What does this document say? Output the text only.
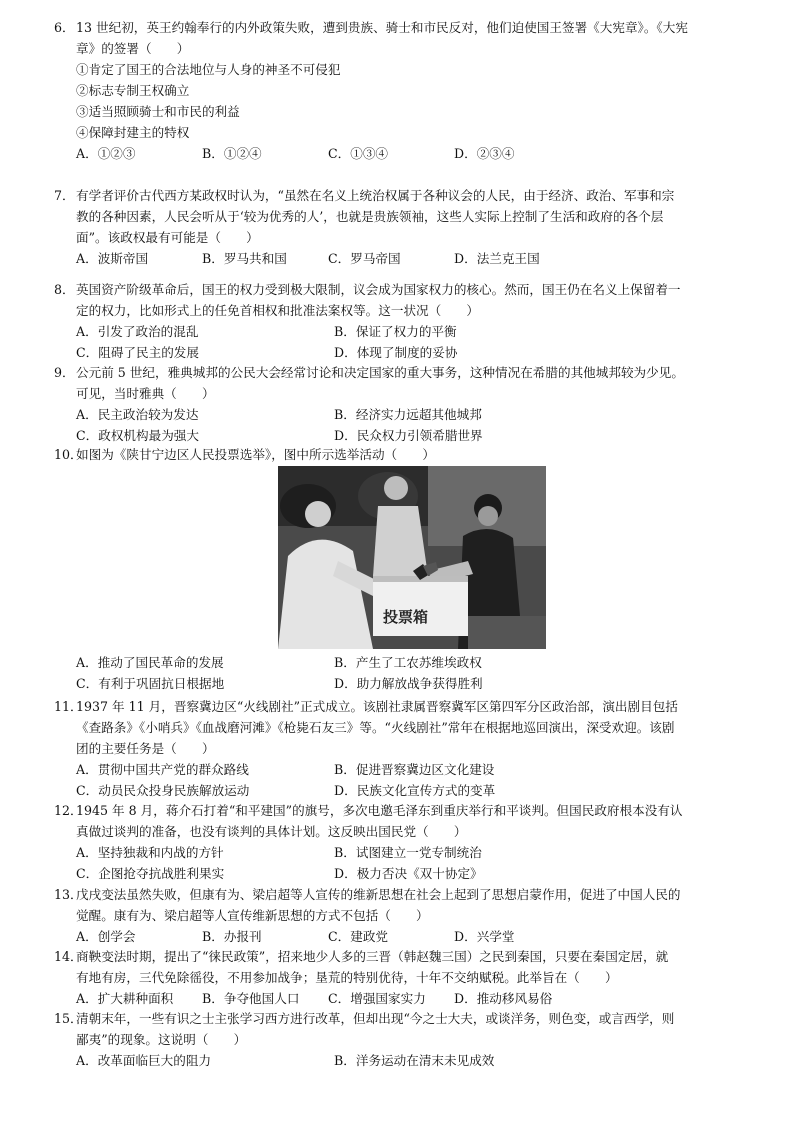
6．13 世纪初，英王约翰奉行的内外政策失败，遭到贵族、骑士和市民反对，他们迫使国王签署《大宪章》。《大宪
章》的签署（　　）
①肯定了国王的合法地位与人身的神圣不可侵犯
②标志专制王权确立
③适当照顾骑士和市民的利益
④保障封建主的特权
A．①②③	B．①②④	C．①③④	D．②③④
7．有学者评价古代西方某政权时认为，“虽然在名义上统治权属于各种议会的人民，由于经济、政治、军事和宗
教的各种因素，人民会听从于‘较为优秀的人’，也就是贵族领袖，这些人实际上控制了生活和政府的各个层
面”。该政权最有可能是（　　）
A．波斯帝国	B．罗马共和国	C．罗马帝国	D．法兰克王国
8．英国资产阶级革命后，国王的权力受到极大限制，议会成为国家权力的核心。然而，国王仍在名义上保留着一
定的权力，比如形式上的任免首相权和批准法案权等。这一状况（　　）
A．引发了政治的混乱	B．保证了权力的平衡
C．阻碍了民主的发展	D．体现了制度的妥协
9．公元前 5 世纪，雅典城邦的公民大会经常讨论和决定国家的重大事务，这种情况在希腊的其他城邦较为少见。
可见，当时雅典（　　）
A．民主政治较为发达	B．经济实力远超其他城邦
C．政权机构最为强大	D．民众权力引领希腊世界
10．如图为《陕甘宁边区人民投票选举》，图中所示选举活动（　　）
投票箱
A．推动了国民革命的发展	B．产生了工农苏维埃政权
C．有利于巩固抗日根据地	D．助力解放战争获得胜利
11．1937 年 11 月，晋察冀边区“火线剧社”正式成立。该剧社隶属晋察冀军区第四军分区政治部，演出剧目包括
《查路条》《小哨兵》《血战磨河滩》《枪毙石友三》等。“火线剧社”常年在根据地巡回演出，深受欢迎。该剧
团的主要任务是（　　）
A．贯彻中国共产党的群众路线	B．促进晋察冀边区文化建设
C．动员民众投身民族解放运动	D．民族文化宣传方式的变革
12．1945 年 8 月，蒋介石打着“和平建国”的旗号，多次电邀毛泽东到重庆举行和平谈判。但国民政府根本没有认
真做过谈判的准备，也没有谈判的具体计划。这反映出国民党（　　）
A．坚持独裁和内战的方针	B．试图建立一党专制统治
C．企图抢夺抗战胜利果实	D．极力否决《双十协定》
13．戊戌变法虽然失败，但康有为、梁启超等人宣传的维新思想在社会上起到了思想启蒙作用，促进了中国人民的
觉醒。康有为、梁启超等人宣传维新思想的方式不包括（　　）
A．创学会	B．办报刊	C．建政党	D．兴学堂
14．商鞅变法时期，提出了“徕民政策”，招来地少人多的三晋（韩赵魏三国）之民到秦国，只要在秦国定居，就
有地有房，三代免除徭役，不用参加战争；垦荒的特别优待，十年不交纳赋税。此举旨在（　　）
A．扩大耕种面积	B．争夺他国人口	C．增强国家实力	D．推动移风易俗
15．清朝末年，一些有识之士主张学习西方进行改革，但却出现“今之士大夫，或谈洋务，则色变，或言西学，则
鄙夷”的现象。这说明（　　）
A．改革面临巨大的阻力	B．洋务运动在清末未见成效
